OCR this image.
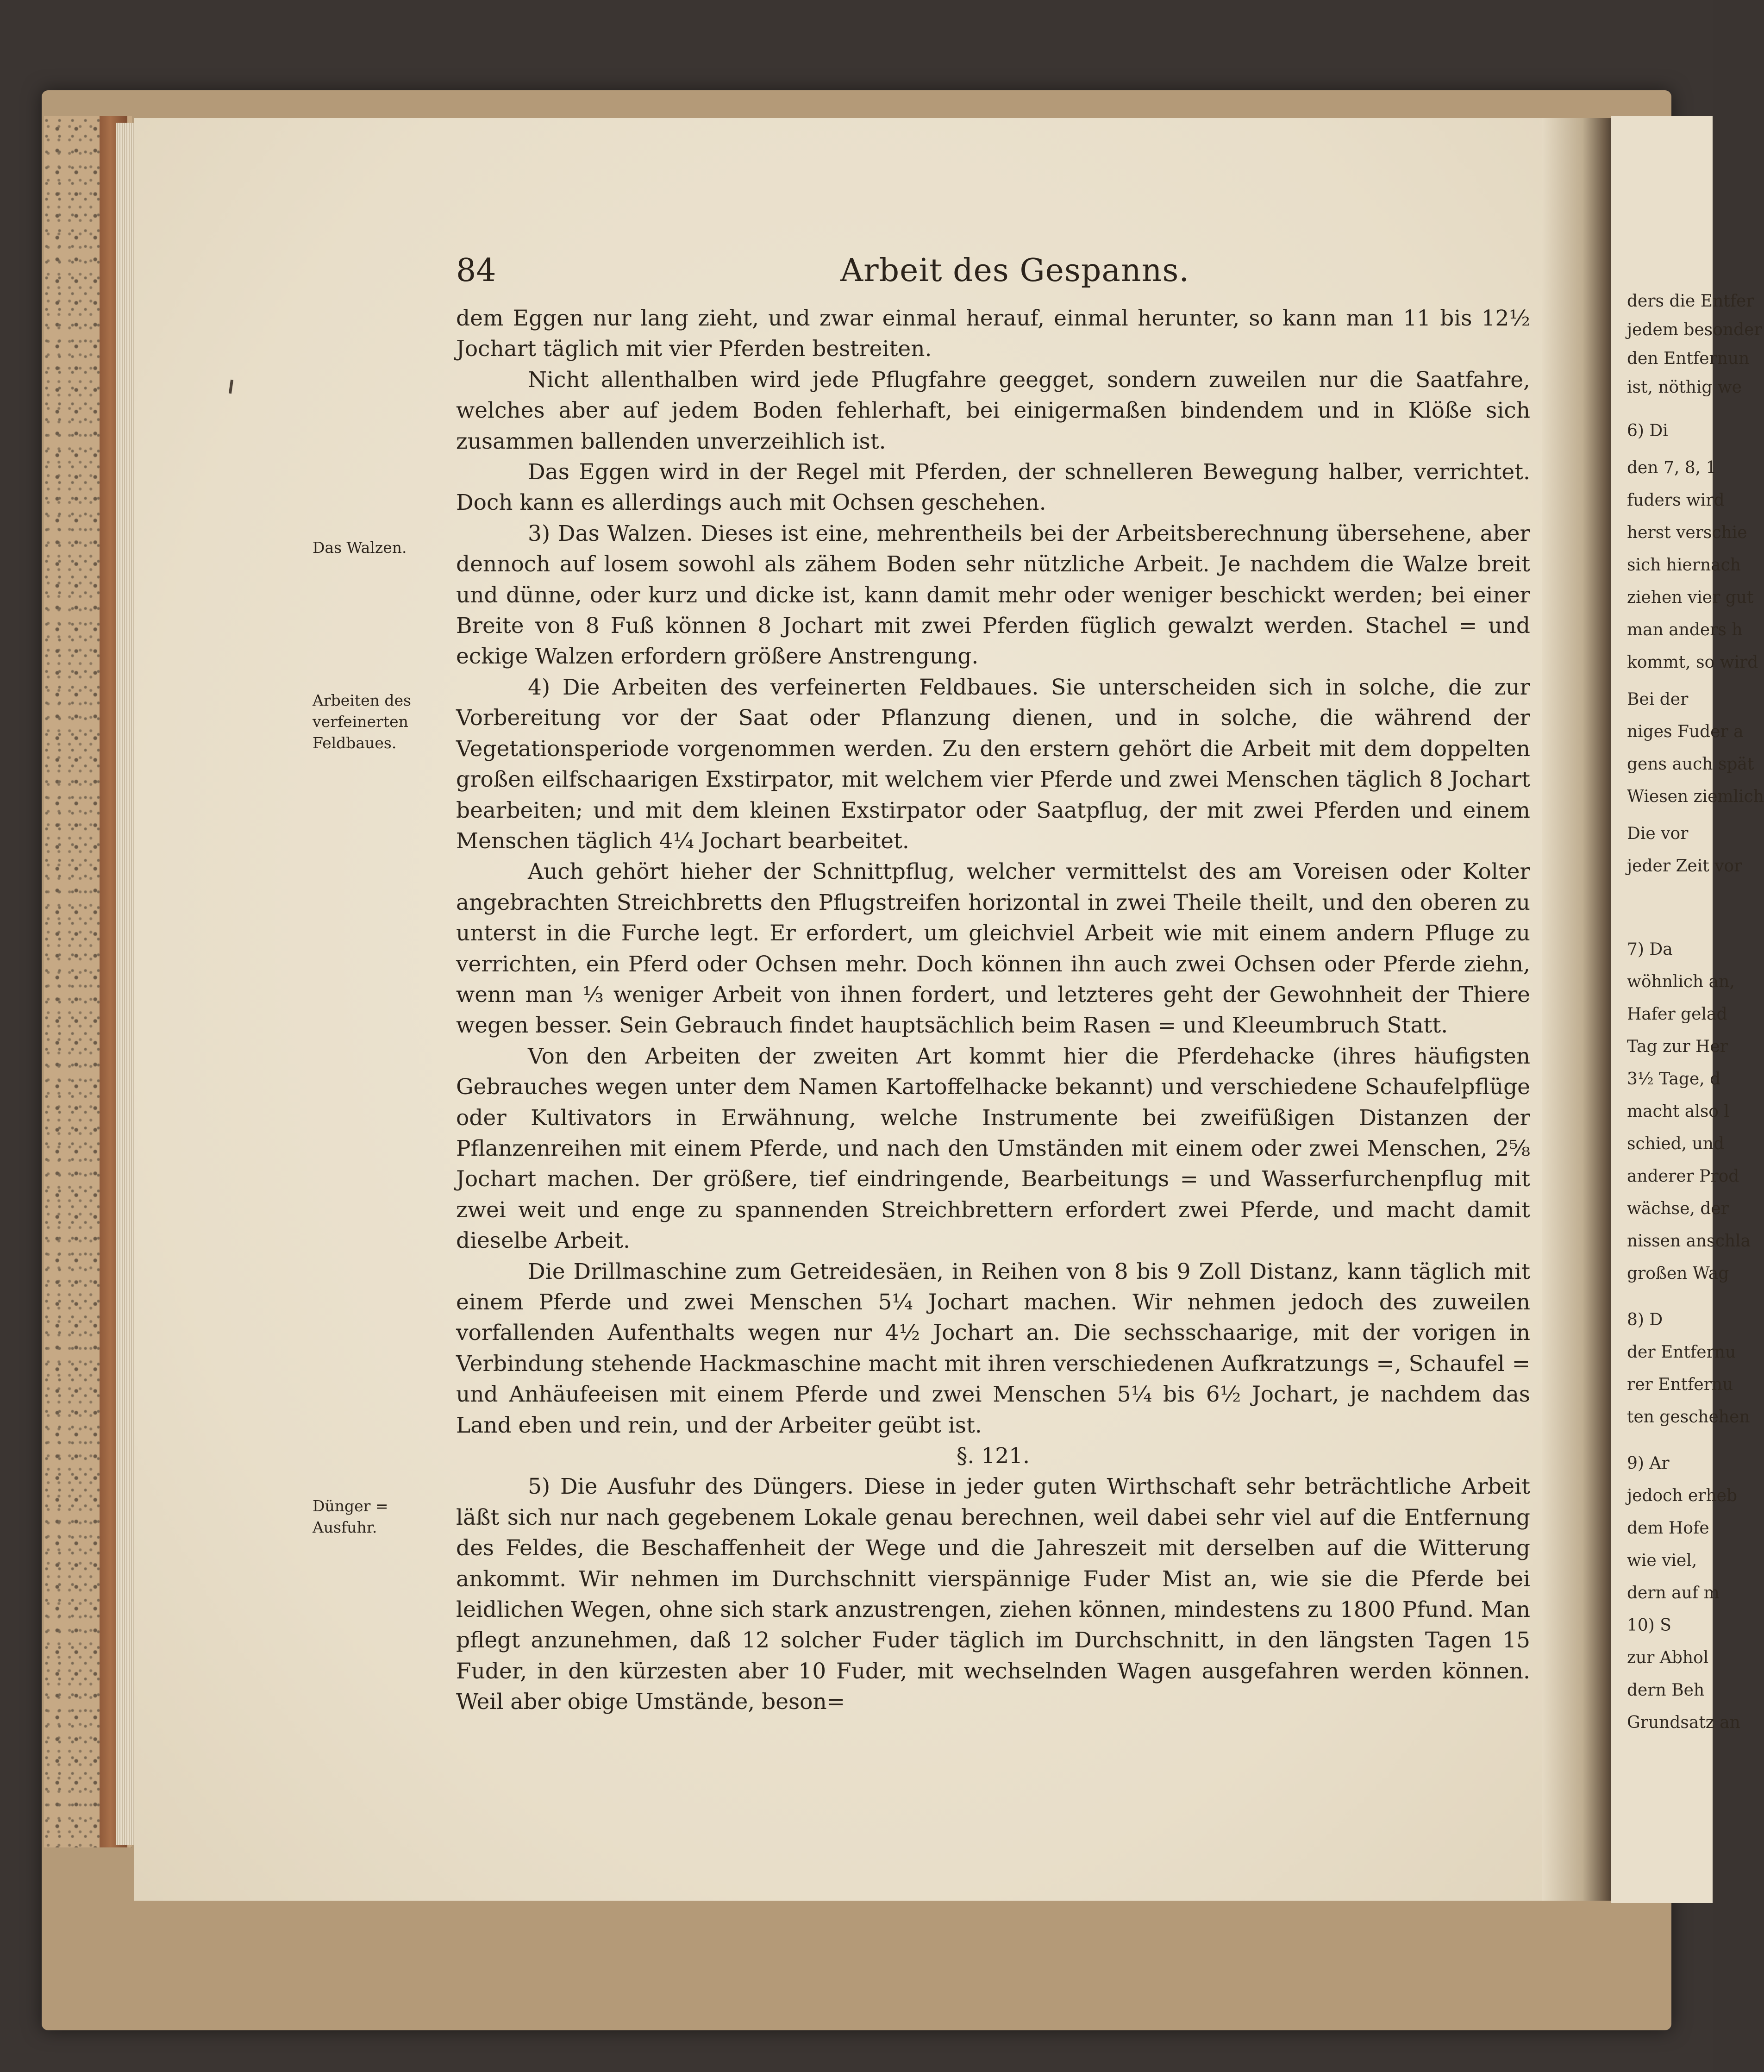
84	Arbeit des Gespanns.
Das Walzen.
Arbeiten des verfeinerten Feldbaues.
Dünger = Ausfuhr.

dem Eggen nur lang zieht, und zwar einmal herauf, einmal herunter, so kann man 11 bis 12½ Jochart täglich mit vier Pferden bestreiten.

Nicht allenthalben wird jede Pflugfahre geegget, sondern zuweilen nur die Saatfahre, welches aber auf jedem Boden fehlerhaft, bei einigermaßen bindendem und in Klöße sich zusammen ballenden unverzeihlich ist.

Das Eggen wird in der Regel mit Pferden, der schnelleren Bewegung halber, verrichtet. Doch kann es allerdings auch mit Ochsen geschehen.

3) Das Walzen. Dieses ist eine, mehrentheils bei der Arbeitsberechnung übersehene, aber dennoch auf losem sowohl als zähem Boden sehr nützliche Arbeit. Je nachdem die Walze breit und dünne, oder kurz und dicke ist, kann damit mehr oder weniger beschickt werden; bei einer Breite von 8 Fuß können 8 Jochart mit zwei Pferden füglich gewalzt werden. Stachel = und eckige Walzen erfordern größere Anstrengung.

4) Die Arbeiten des verfeinerten Feldbaues. Sie unterscheiden sich in solche, die zur Vorbereitung vor der Saat oder Pflanzung dienen, und in solche, die während der Vegetationsperiode vorgenommen werden. Zu den erstern gehört die Arbeit mit dem doppelten großen eilfschaarigen Exstirpator, mit welchem vier Pferde und zwei Menschen täglich 8 Jochart bearbeiten; und mit dem kleinen Exstirpator oder Saatpflug, der mit zwei Pferden und einem Menschen täglich 4¼ Jochart bearbeitet.

Auch gehört hieher der Schnittpflug, welcher vermittelst des am Voreisen oder Kolter angebrachten Streichbretts den Pflugstreifen horizontal in zwei Theile theilt, und den oberen zu unterst in die Furche legt. Er erfordert, um gleichviel Arbeit wie mit einem andern Pfluge zu verrichten, ein Pferd oder Ochsen mehr. Doch können ihn auch zwei Ochsen oder Pferde ziehn, wenn man ⅓ weniger Arbeit von ihnen fordert, und letzteres geht der Gewohnheit der Thiere wegen besser. Sein Gebrauch findet hauptsächlich beim Rasen = und Kleeumbruch Statt.

Von den Arbeiten der zweiten Art kommt hier die Pferdehacke (ihres häufigsten Gebrauches wegen unter dem Namen Kartoffelhacke bekannt) und verschiedene Schaufelpflüge oder Kultivators in Erwähnung, welche Instrumente bei zweifüßigen Distanzen der Pflanzenreihen mit einem Pferde, und nach den Umständen mit einem oder zwei Menschen, 2⅝ Jochart machen. Der größere, tief eindringende, Bearbeitungs = und Wasserfurchenpflug mit zwei weit und enge zu spannenden Streichbrettern erfordert zwei Pferde, und macht damit dieselbe Arbeit.

Die Drillmaschine zum Getreidesäen, in Reihen von 8 bis 9 Zoll Distanz, kann täglich mit einem Pferde und zwei Menschen 5¼ Jochart machen. Wir nehmen jedoch des zuweilen vorfallenden Aufenthalts wegen nur 4½ Jochart an. Die sechsschaarige, mit der vorigen in Verbindung stehende Hackmaschine macht mit ihren verschiedenen Aufkratzungs =, Schaufel = und Anhäufeeisen mit einem Pferde und zwei Menschen 5¼ bis 6½ Jochart, je nachdem das Land eben und rein, und der Arbeiter geübt ist.

§. 121.

5) Die Ausfuhr des Düngers. Diese in jeder guten Wirthschaft sehr beträchtliche Arbeit läßt sich nur nach gegebenem Lokale genau berechnen, weil dabei sehr viel auf die Entfernung des Feldes, die Beschaffenheit der Wege und die Jahreszeit mit derselben auf die Witterung ankommt. Wir nehmen im Durchschnitt vierspännige Fuder Mist an, wie sie die Pferde bei leidlichen Wegen, ohne sich stark anzustrengen, ziehen können, mindestens zu 1800 Pfund. Man pflegt anzunehmen, daß 12 solcher Fuder täglich im Durchschnitt, in den längsten Tagen 15 Fuder, in den kürzesten aber 10 Fuder, mit wechselnden Wagen ausgefahren werden können. Weil aber obige Umstände, beson=

ders die Entfer
jedem besonder
den Entfernun
ist, nöthig we
6) Di
den 7, 8, 1
fuders wird
herst verschie
sich hiernach
ziehen vier gut
man anders h
kommt, so wird
Bei der
niges Fuder a
gens auch spät
Wiesen ziemlich
Die vor
jeder Zeit vor
7) Da
wöhnlich an,
Hafer gelad
Tag zur Her
3½ Tage, d
macht also l
schied, und
anderer Prod
wächse, der
nissen anschla
großen Wag
8) D
der Entfernu
rer Entfernu
ten geschehen
9) Ar
jedoch erheb
dem Hofe
wie viel,
dern auf m
10) S
zur Abhol
dern Beh
Grundsatz an
